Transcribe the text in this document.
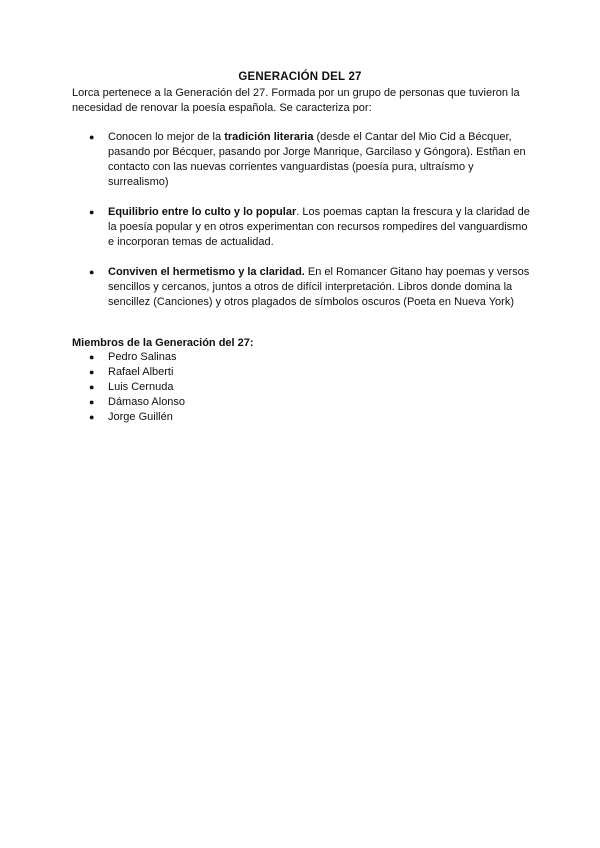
GENERACIÓN DEL 27
Lorca pertenece a la Generación del 27. Formada por un grupo de personas que tuvieron la necesidad de renovar la poesía española. Se caracteriza por:
● Conocen lo mejor de la tradición literaria (desde el Cantar del Mio Cid a Bécquer, pasando por Bécquer, pasando por Jorge Manrique, Garcilaso y Góngora). Estñan en contacto con las nuevas corrientes vanguardistas (poesía pura, ultraísmo y surrealismo)
● Equilibrio entre lo culto y lo popular. Los poemas captan la frescura y la claridad de la poesía popular y en otros experimentan con recursos rompedires del vanguardismo e incorporan temas de actualidad.
● Conviven el hermetismo y la claridad. En el Romancer Gitano hay poemas y versos sencillos y cercanos, juntos a otros de difícil interpretación. Libros donde domina la sencillez (Canciones) y otros plagados de símbolos oscuros (Poeta en Nueva York)
Miembros de la Generación del 27:
● Pedro Salinas
● Rafael Alberti
● Luis Cernuda
● Dámaso Alonso
● Jorge Guillén
